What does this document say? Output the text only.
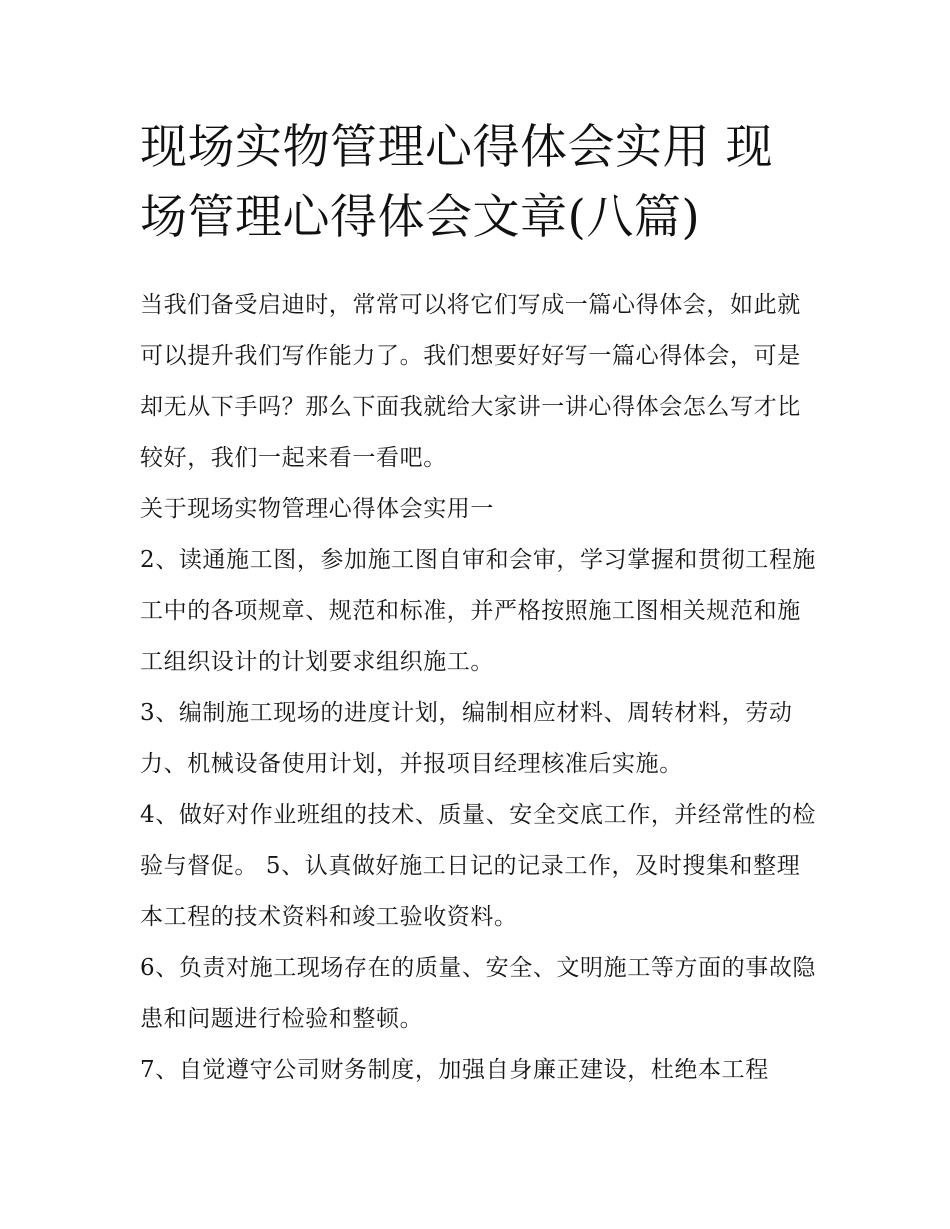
现场实物管理心得体会实用 现场管理心得体会文章(八篇)

当我们备受启迪时，常常可以将它们写成一篇心得体会，如此就可以提升我们写作能力了。我们想要好好写一篇心得体会，可是却无从下手吗？那么下面我就给大家讲一讲心得体会怎么写才比较好，我们一起来看一看吧。

关于现场实物管理心得体会实用一

2、读通施工图，参加施工图自审和会审，学习掌握和贯彻工程施工中的各项规章、规范和标准，并严格按照施工图相关规范和施工组织设计的计划要求组织施工。

3、编制施工现场的进度计划，编制相应材料、周转材料，劳动力、机械设备使用计划，并报项目经理核准后实施。

4、做好对作业班组的技术、质量、安全交底工作，并经常性的检验与督促。 5、认真做好施工日记的记录工作，及时搜集和整理本工程的技术资料和竣工验收资料。

6、负责对施工现场存在的质量、安全、文明施工等方面的事故隐患和问题进行检验和整顿。

7、自觉遵守公司财务制度，加强自身廉正建设，杜绝本工程
